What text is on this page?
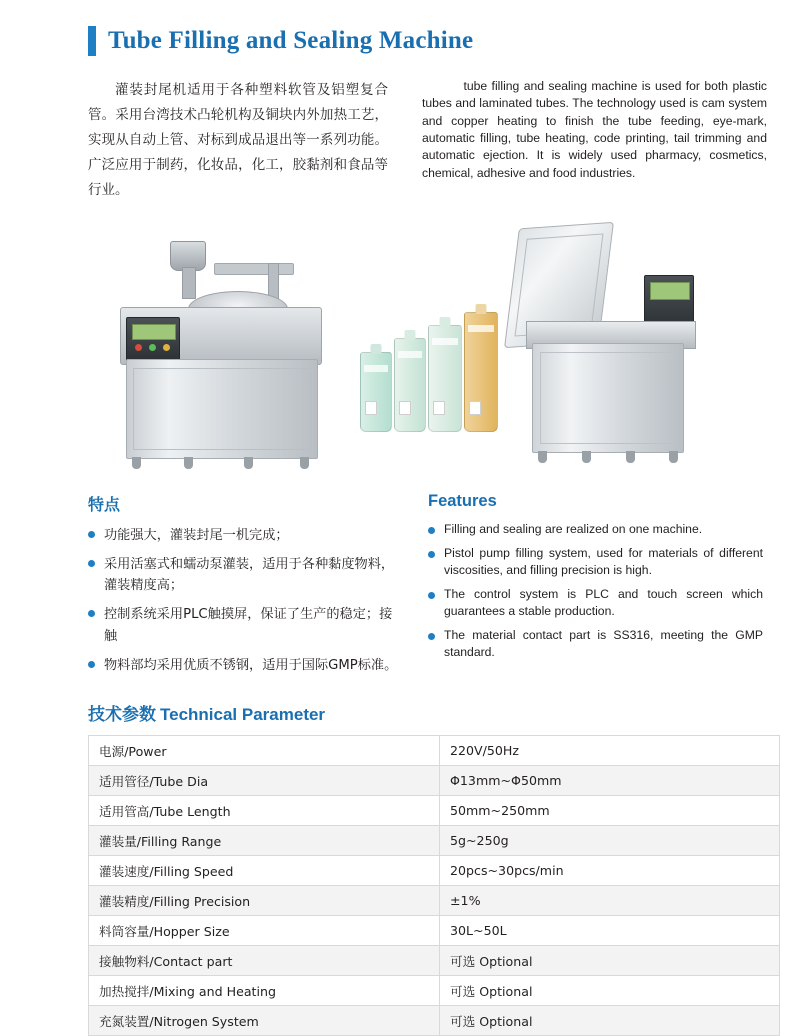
Tube Filling and Sealing Machine
灌装封尾机适用于各种塑料软管及铝塑复合管。采用台湾技术凸轮机构及铜块内外加热工艺，实现从自动上管、对标到成品退出等一系列功能。广泛应用于制药，化妆品，化工，胶黏剂和食品等行业。
tube filling and sealing machine is used for both plastic tubes and laminated tubes. The technology used is cam system and copper heating to finish the tube feeding, eye-mark, automatic filling, tube heating, code printing, tail trimming and automatic ejection. It is widely used pharmacy, cosmetics, chemical, adhesive and food industries.
特点
功能强大，灌装封尾一机完成；
采用活塞式和蠕动泵灌装，适用于各种黏度物料，灌装精度高；
控制系统采用PLC触摸屏，保证了生产的稳定；接触
物料部均采用优质不锈钢，适用于国际GMP标准。
Features
Filling and sealing are realized on one machine.
Pistol pump filling system, used for materials of different viscosities, and filling precision is high.
The control system is PLC and touch screen which guarantees a stable production.
The material contact part is SS316, meeting the GMP standard.
技术参数 Technical Parameter
电源/Power	220V/50Hz
适用管径/Tube Dia	Φ13mm~Φ50mm
适用管高/Tube Length	50mm~250mm
灌装量/Filling Range	5g~250g
灌装速度/Filling Speed	20pcs~30pcs/min
灌装精度/Filling Precision	±1%
料筒容量/Hopper Size	30L~50L
接触物料/Contact part	可选 Optional
加热搅拌/Mixing and Heating	可选 Optional
充氮装置/Nitrogen System	可选 Optional
